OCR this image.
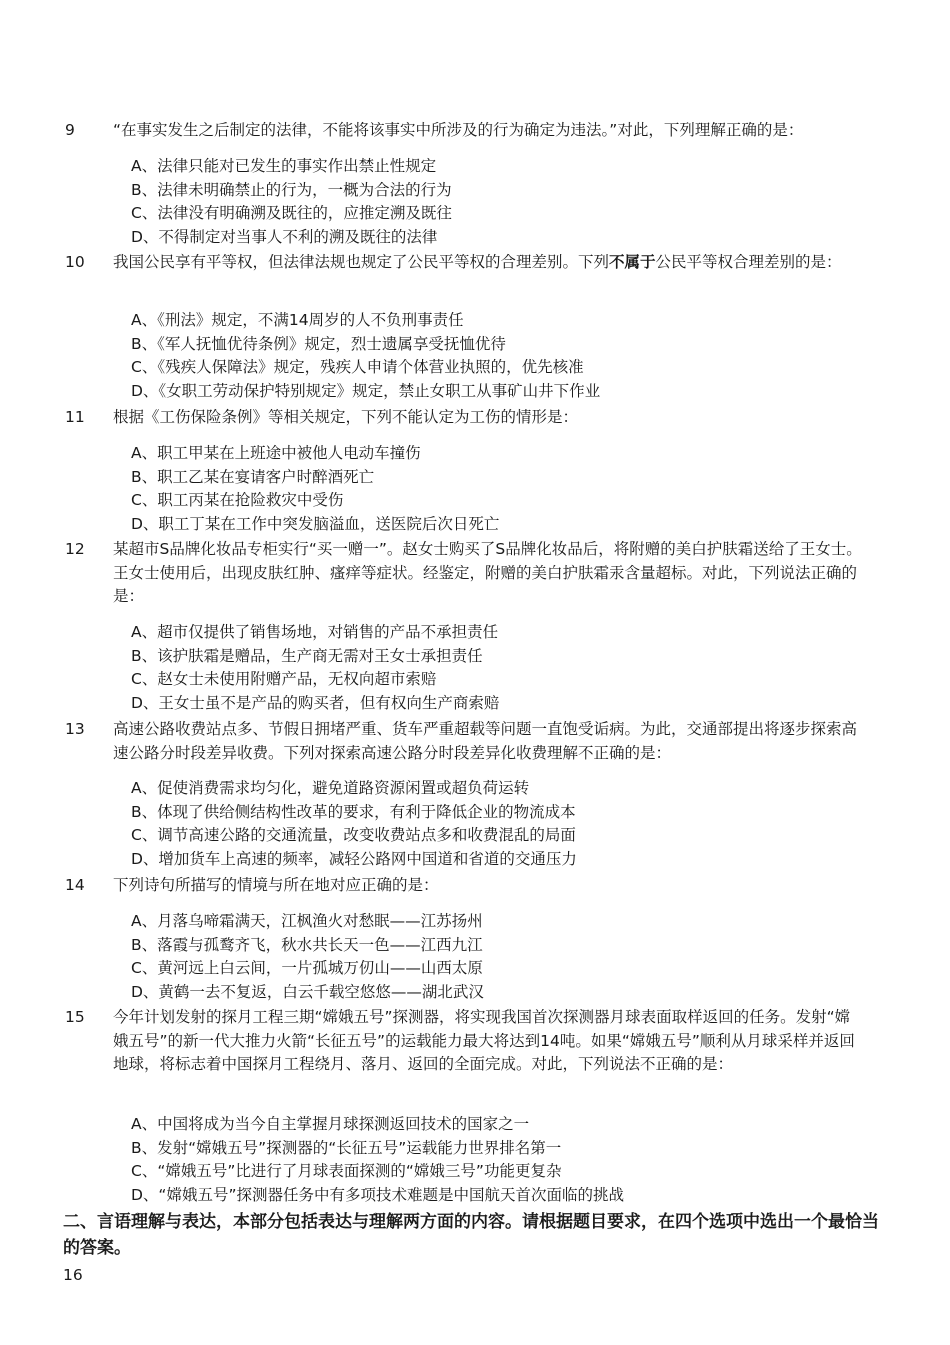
9 “在事实发生之后制定的法律，不能将该事实中所涉及的行为确定为违法。”对此，下列理解正确的是：
A、法律只能对已发生的事实作出禁止性规定
B、法律未明确禁止的行为，一概为合法的行为
C、法律没有明确溯及既往的，应推定溯及既往
D、不得制定对当事人不利的溯及既往的法律
10 我国公民享有平等权，但法律法规也规定了公民平等权的合理差别。下列不属于公民平等权合理差别的是：
A、《刑法》规定，不满14周岁的人不负刑事责任
B、《军人抚恤优待条例》规定，烈士遗属享受抚恤优待
C、《残疾人保障法》规定，残疾人申请个体营业执照的，优先核准
D、《女职工劳动保护特别规定》规定，禁止女职工从事矿山井下作业
11 根据《工伤保险条例》等相关规定，下列不能认定为工伤的情形是：
A、职工甲某在上班途中被他人电动车撞伤
B、职工乙某在宴请客户时醉酒死亡
C、职工丙某在抢险救灾中受伤
D、职工丁某在工作中突发脑溢血，送医院后次日死亡
12 某超市S品牌化妆品专柜实行“买一赠一”。赵女士购买了S品牌化妆品后，将附赠的美白护肤霜送给了王女士。王女士使用后，出现皮肤红肿、瘙痒等症状。经鉴定，附赠的美白护肤霜汞含量超标。对此，下列说法正确的是：
A、超市仅提供了销售场地，对销售的产品不承担责任
B、该护肤霜是赠品，生产商无需对王女士承担责任
C、赵女士未使用附赠产品，无权向超市索赔
D、王女士虽不是产品的购买者，但有权向生产商索赔
13 高速公路收费站点多、节假日拥堵严重、货车严重超载等问题一直饱受诟病。为此，交通部提出将逐步探索高速公路分时段差异收费。下列对探索高速公路分时段差异化收费理解不正确的是：
A、促使消费需求均匀化，避免道路资源闲置或超负荷运转
B、体现了供给侧结构性改革的要求，有利于降低企业的物流成本
C、调节高速公路的交通流量，改变收费站点多和收费混乱的局面
D、增加货车上高速的频率，减轻公路网中国道和省道的交通压力
14 下列诗句所描写的情境与所在地对应正确的是：
A、月落乌啼霜满天，江枫渔火对愁眠——江苏扬州
B、落霞与孤鹜齐飞，秋水共长天一色——江西九江
C、黄河远上白云间，一片孤城万仞山——山西太原
D、黄鹤一去不复返，白云千载空悠悠——湖北武汉
15 今年计划发射的探月工程三期“嫦娥五号”探测器，将实现我国首次探测器月球表面取样返回的任务。发射“嫦娥五号”的新一代大推力火箭“长征五号”的运载能力最大将达到14吨。如果“嫦娥五号”顺利从月球采样并返回地球，将标志着中国探月工程绕月、落月、返回的全面完成。对此，下列说法不正确的是：
A、中国将成为当今自主掌握月球探测返回技术的国家之一
B、发射“嫦娥五号”探测器的“长征五号”运载能力世界排名第一
C、“嫦娥五号”比进行了月球表面探测的“嫦娥三号”功能更复杂
D、“嫦娥五号”探测器任务中有多项技术难题是中国航天首次面临的挑战
二、言语理解与表达，本部分包括表达与理解两方面的内容。请根据题目要求，在四个选项中选出一个最恰当的答案。
16
